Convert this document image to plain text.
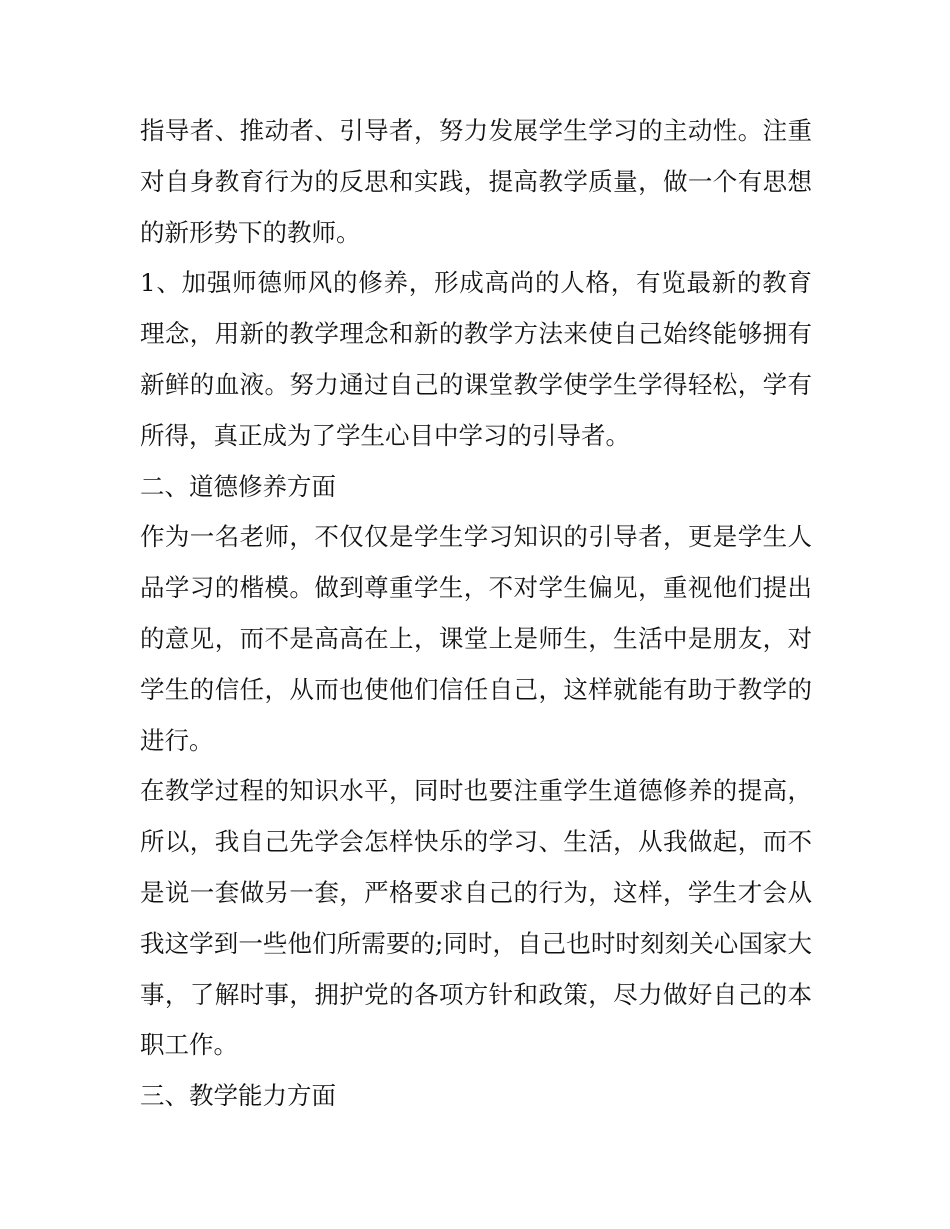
指导者、推动者、引导者，努力发展学生学习的主动性。注重对自身教育行为的反思和实践，提高教学质量，做一个有思想的新形势下的教师。

1、加强师德师风的修养，形成高尚的人格，有览最新的教育理念，用新的教学理念和新的教学方法来使自己始终能够拥有新鲜的血液。努力通过自己的课堂教学使学生学得轻松，学有所得，真正成为了学生心目中学习的引导者。

二、道德修养方面

作为一名老师，不仅仅是学生学习知识的引导者，更是学生人品学习的楷模。做到尊重学生，不对学生偏见，重视他们提出的意见，而不是高高在上，课堂上是师生，生活中是朋友，对学生的信任，从而也使他们信任自己，这样就能有助于教学的进行。

在教学过程的知识水平，同时也要注重学生道德修养的提高，所以，我自己先学会怎样快乐的学习、生活，从我做起，而不是说一套做另一套，严格要求自己的行为，这样，学生才会从我这学到一些他们所需要的;同时，自己也时时刻刻关心国家大事，了解时事，拥护党的各项方针和政策，尽力做好自己的本职工作。

三、教学能力方面
